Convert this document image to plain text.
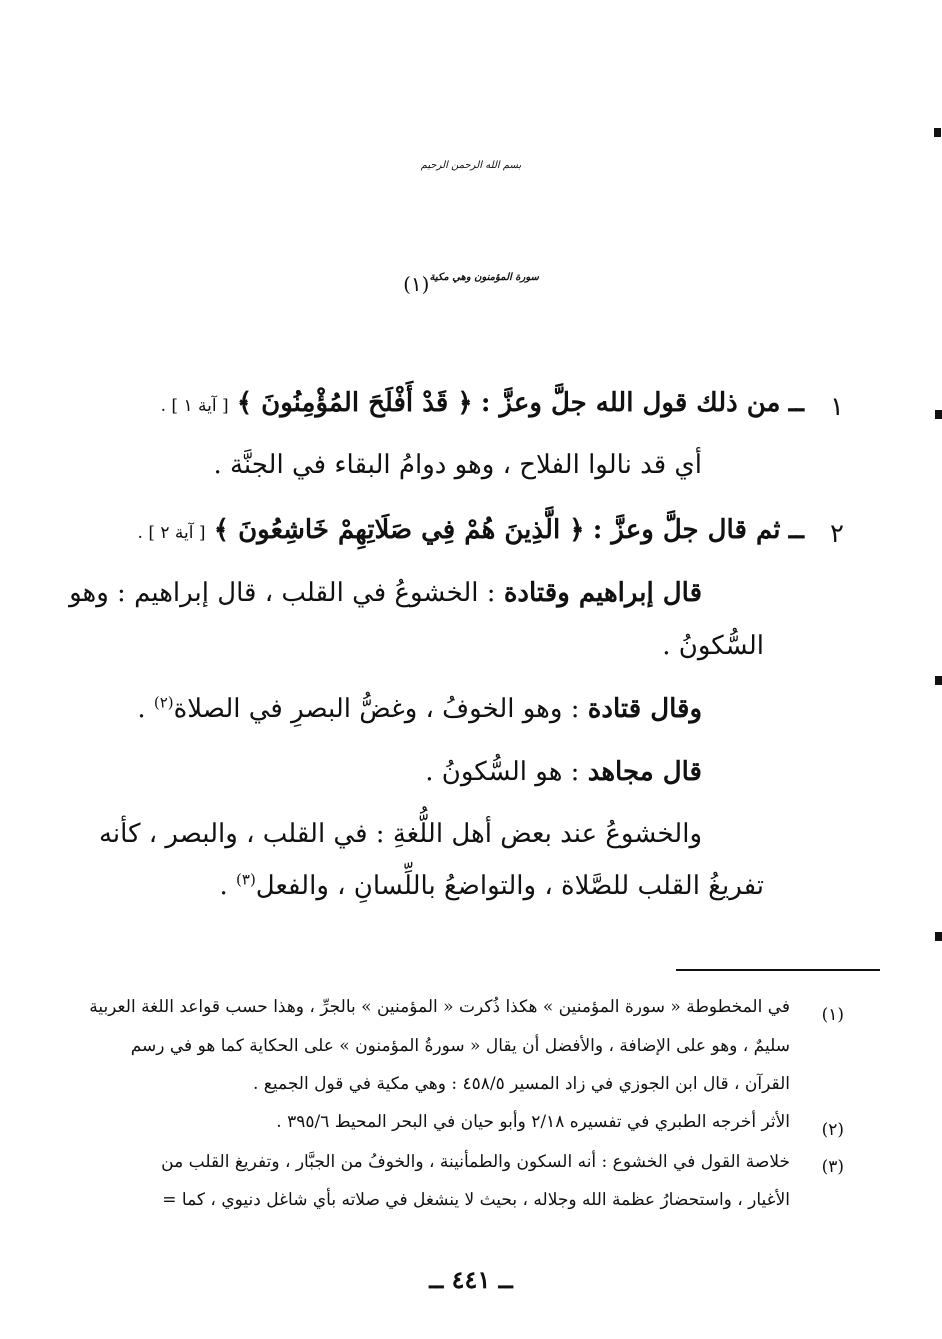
بسم الله الرحمن الرحيم
سورة المؤمنون وهي مكية$^{(١)}$
١
ــ من ذلك قول الله جلَّ وعزَّ : ﴿ قَدْ أَفْلَحَ المُؤْمِنُونَ ﴾ [ آية ١ ] .
أي قد نالوا الفلاح ، وهو دوامُ البقاء في الجنَّة .
٢
ــ ثم قال جلَّ وعزَّ : ﴿ الَّذِينَ هُمْ فِي صَلَاتِهِمْ خَاشِعُونَ ﴾ [ آية ٢ ] .
قال إبراهيم وقتادة : الخشوعُ في القلب ، قال إبراهيم : وهو
السُّكونُ .
وقال قتادة : وهو الخوفُ ، وغضُّ البصرِ في الصلاة$^{(٢)}$ .
قال مجاهد : هو السُّكونُ .
والخشوعُ عند بعض أهل اللُّغةِ : في القلب ، والبصر ، كأنه
تفريغُ القلب للصَّلاة ، والتواضعُ باللِّسانِ ، والفعل$^{(٣)}$ .
(١)
في المخطوطة « سورة المؤمنين » هكذا ذُكرت « المؤمنين » بالجرِّ ، وهذا حسب قواعد اللغة العربية
سليمٌ ، وهو على الإضافة ، والأفضل أن يقال « سورةُ المؤمنون » على الحكاية كما هو في رسم
القرآن ، قال ابن الجوزي في زاد المسير ٤٥٨/٥ : وهي مكية في قول الجميع .
(٢)
الأثر أخرجه الطبري في تفسيره ٢/١٨ وأبو حيان في البحر المحيط ٣٩٥/٦ .
(٣)
خلاصة القول في الخشوع : أنه السكون والطمأنينة ، والخوفُ من الجبَّار ، وتفريغ القلب من
الأغيار ، واستحضارُ عظمة الله وجلاله ، بحيث لا ينشغل في صلاته بأي شاغل دنيوي ، كما =
ــ ٤٤١ ــ
